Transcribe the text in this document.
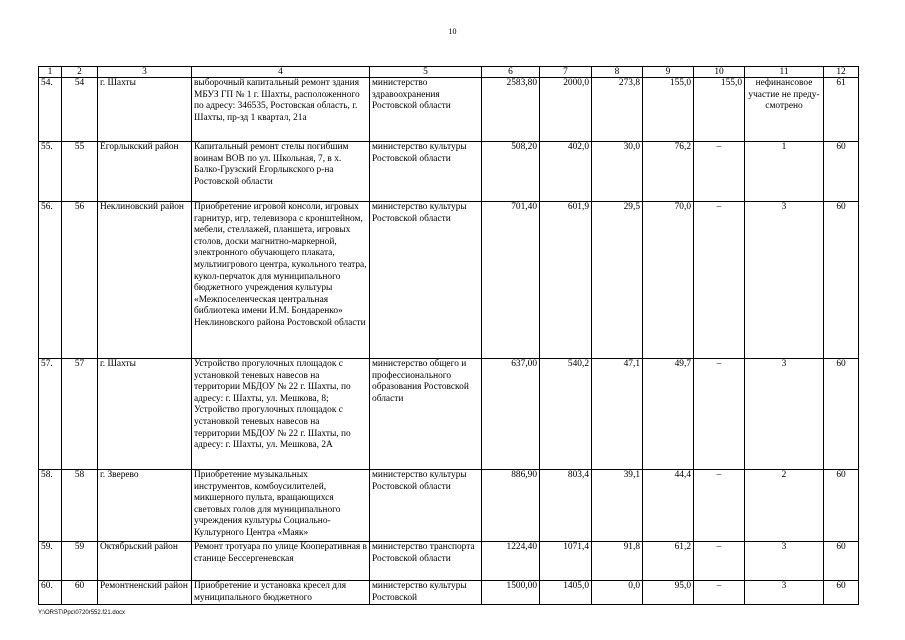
10
1	2	3	4	5	6	7	8	9	10	11	12
54.	54	г. Шахты	выборочный капитальный ремонт здания МБУЗ ГП № 1 г. Шахты, расположенного по адресу: 346535, Ростовская область, г. Шахты, пр-зд 1 квартал, 21а	министерство здравоохранения Ростовской области	2583,80	2000,0	273,8	155,0	155,0	нефинансовое участие не преду-смотрено	61
55.	55	Егорлыкский район	Капитальный ремонт стелы погибшим воинам ВОВ по ул. Школьная, 7, в х. Балко-Грузский Егорлыкского р-на Ростовской области	министерство культуры Ростовской области	508,20	402,0	30,0	76,2	–	1	60
56.	56	Неклиновский район	Приобретение игровой консоли, игровых гарнитур, игр, телевизора с кронштейном, мебели, стеллажей, планшета, игровых столов, доски магнитно-маркерной, электронного обучающего плаката, мультиигрового центра, кукольного театра, кукол-перчаток для муниципального бюджетного учреждения культуры «Межпоселенческая центральная библиотека имени И.М. Бондаренко» Неклиновского района Ростовской области	министерство культуры Ростовской области	701,40	601,9	29,5	70,0	–	3	60
57.	57	г. Шахты	Устройство прогулочных площадок с установкой теневых навесов на территории МБДОУ № 22 г. Шахты, по адресу: г. Шахты, ул. Мешкова, 8; Устройство прогулочных площадок с установкой теневых навесов на территории МБДОУ № 22 г. Шахты, по адресу: г. Шахты, ул. Мешкова, 2А	министерство общего и профессионального образования Ростовской области	637,00	540,2	47,1	49,7	–	3	60
58.	58	г. Зверево	Приобретение музыкальных инструментов, комбоусилителей, микшерного пульта, вращающихся световых голов для муниципального учреждения культуры Социально-Культурного Центра «Маяк»	министерство культуры Ростовской области	886,90	803,4	39,1	44,4	–	2	60
59.	59	Октябрьский район	Ремонт тротуара по улице Кооперативная в станице Бессергеневская	министерство транспорта Ростовской области	1224,40	1071,4	91,8	61,2	–	3	60
60.	60	Ремонтненский район	Приобретение и установка кресел для муниципального бюджетного	министерство культуры Ростовской	1500,00	1405,0	0,0	95,0	–	3	60
Y:\ORST\Ppc\0720r552.f21.docx
